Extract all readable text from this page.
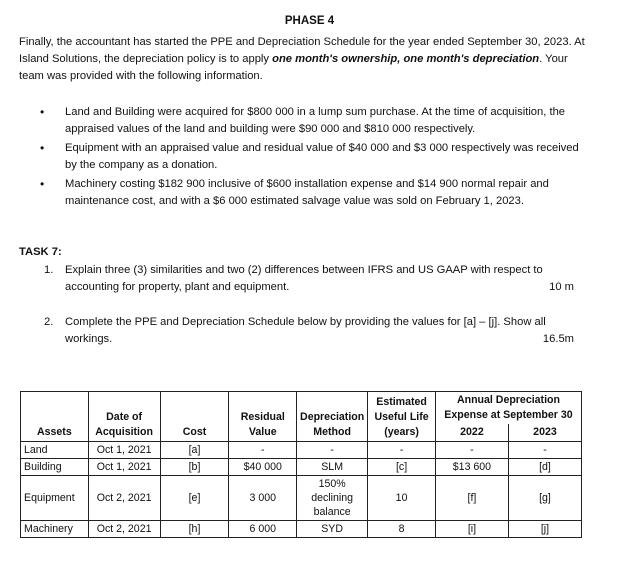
PHASE 4
Finally, the accountant has started the PPE and Depreciation Schedule for the year ended September 30, 2023. At Island Solutions, the depreciation policy is to apply one month's ownership, one month's depreciation. Your team was provided with the following information.
• Land and Building were acquired for $800 000 in a lump sum purchase. At the time of acquisition, the appraised values of the land and building were $90 000 and $810 000 respectively.
• Equipment with an appraised value and residual value of $40 000 and $3 000 respectively was received by the company as a donation.
• Machinery costing $182 900 inclusive of $600 installation expense and $14 900 normal repair and maintenance cost, and with a $6 000 estimated salvage value was sold on February 1, 2023.
TASK 7:
1. Explain three (3) similarities and two (2) differences between IFRS and US GAAP with respect to accounting for property, plant and equipment.	10 m
2. Complete the PPE and Depreciation Schedule below by providing the values for [a] – [j]. Show all workings.	16.5m
Assets	Date of Acquisition	Cost	Residual Value	Depreciation Method	Estimated Useful Life (years)	Annual Depreciation Expense at September 30	
						2022	2023
Land	Oct 1, 2021	[a]	-	-	-	-	-
Building	Oct 1, 2021	[b]	$40 000	SLM	[c]	$13 600	[d]
Equipment	Oct 2, 2021	[e]	3 000	150% declining balance	10	[f]	[g]
Machinery	Oct 2, 2021	[h]	6 000	SYD	8	[i]	[j]
